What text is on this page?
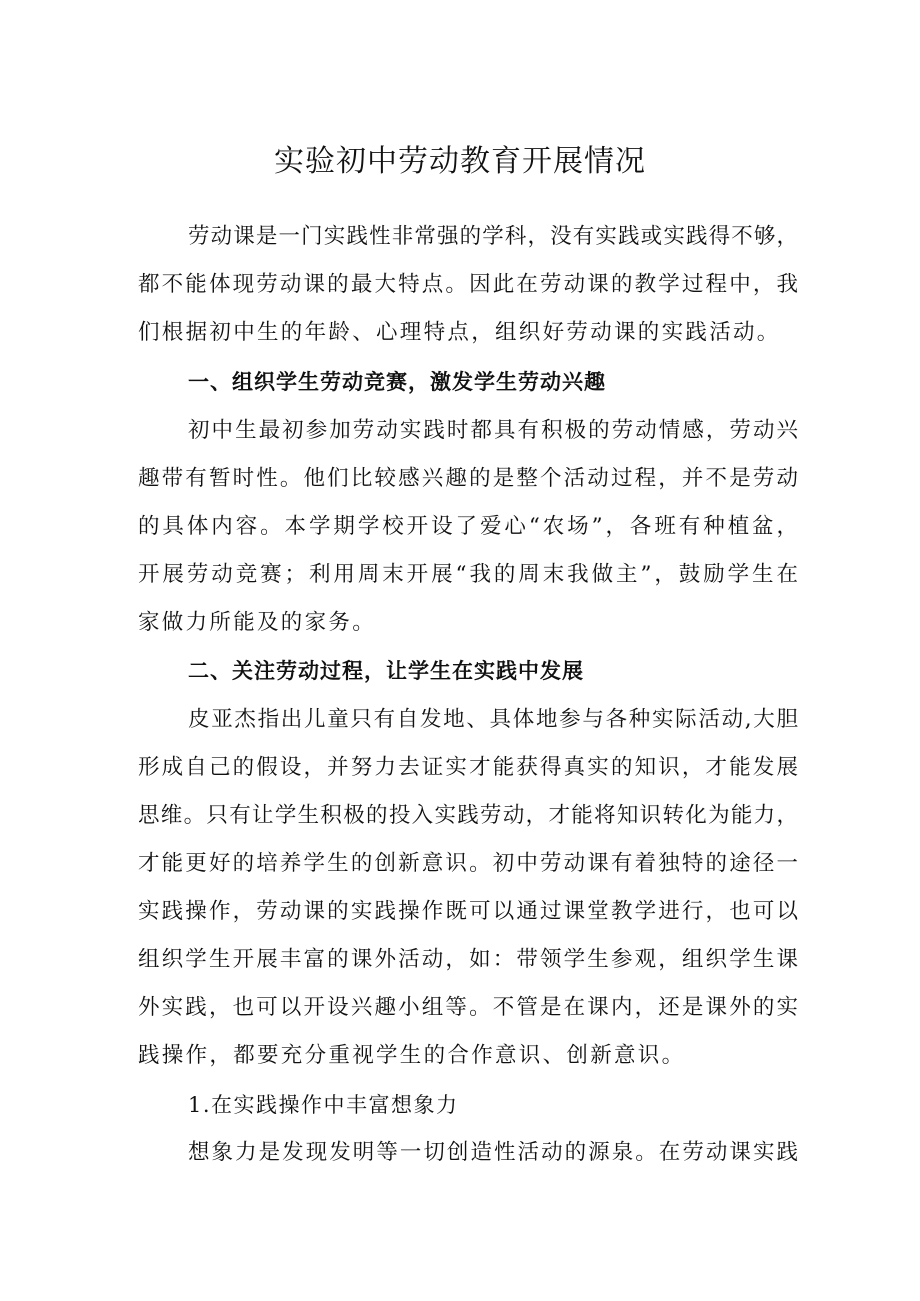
实验初中劳动教育开展情况
劳动课是一门实践性非常强的学科，没有实践或实践得不够，
都不能体现劳动课的最大特点。因此在劳动课的教学过程中，我
们根据初中生的年龄、心理特点，组织好劳动课的实践活动。
一、组织学生劳动竞赛，激发学生劳动兴趣
初中生最初参加劳动实践时都具有积极的劳动情感，劳动兴
趣带有暂时性。他们比较感兴趣的是整个活动过程，并不是劳动
的具体内容。本学期学校开设了爱心“农场”，各班有种植盆，
开展劳动竞赛；利用周末开展“我的周末我做主”，鼓励学生在
家做力所能及的家务。
二、关注劳动过程，让学生在实践中发展
皮亚杰指出儿童只有自发地、具体地参与各种实际活动,大胆
形成自己的假设，并努力去证实才能获得真实的知识，才能发展
思维。只有让学生积极的投入实践劳动，才能将知识转化为能力，
才能更好的培养学生的创新意识。初中劳动课有着独特的途径一
实践操作，劳动课的实践操作既可以通过课堂教学进行，也可以
组织学生开展丰富的课外活动，如：带领学生参观，组织学生课
外实践，也可以开设兴趣小组等。不管是在课内，还是课外的实
践操作，都要充分重视学生的合作意识、创新意识。
1.在实践操作中丰富想象力
想象力是发现发明等一切创造性活动的源泉。在劳动课实践
